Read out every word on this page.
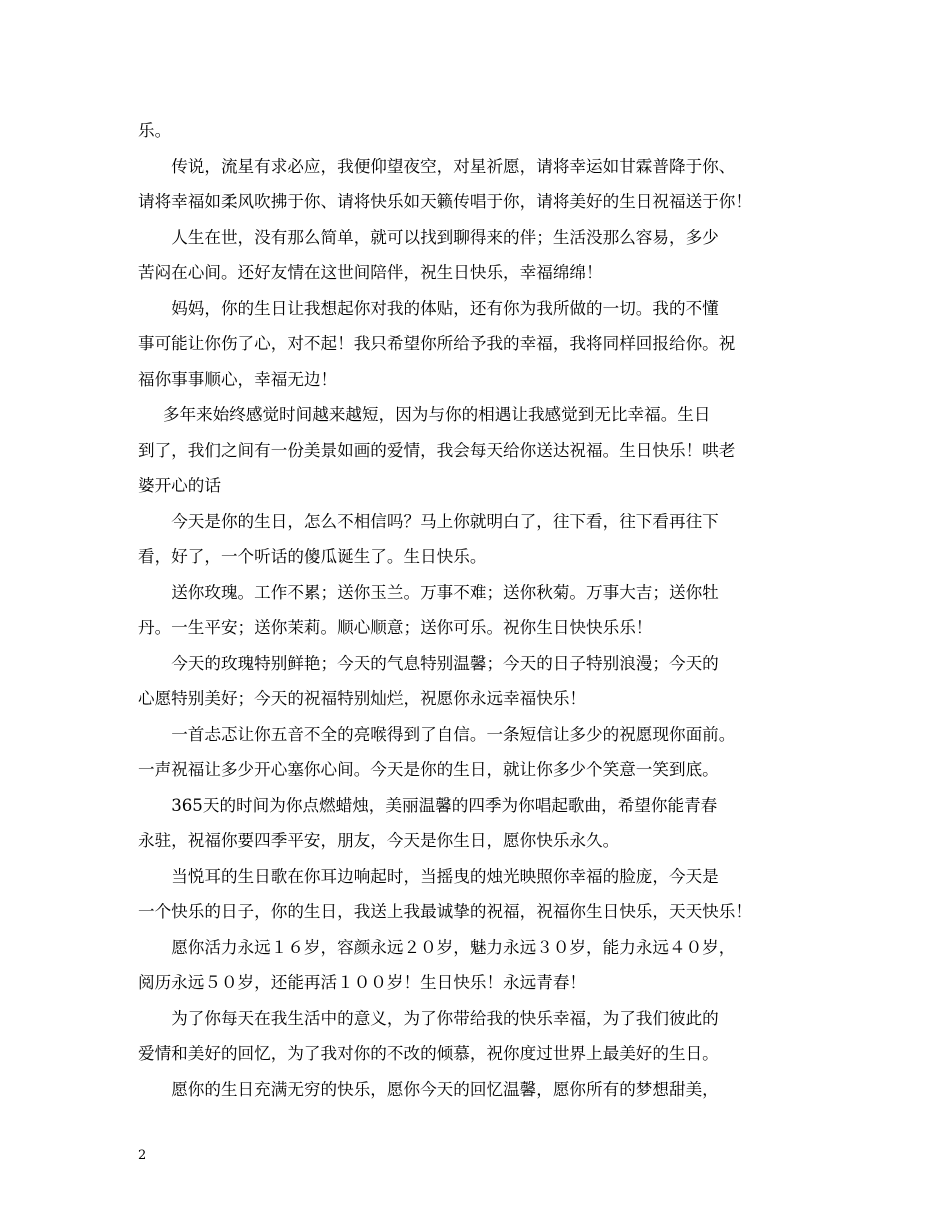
乐。

传说，流星有求必应，我便仰望夜空，对星祈愿，请将幸运如甘霖普降于你、
请将幸福如柔风吹拂于你、请将快乐如天籁传唱于你，请将美好的生日祝福送于你！

人生在世，没有那么简单，就可以找到聊得来的伴；生活没那么容易，多少
苦闷在心间。还好友情在这世间陪伴，祝生日快乐，幸福绵绵！

妈妈，你的生日让我想起你对我的体贴，还有你为我所做的一切。我的不懂
事可能让你伤了心，对不起！我只希望你所给予我的幸福，我将同样回报给你。祝
福你事事顺心，幸福无边！

多年来始终感觉时间越来越短，因为与你的相遇让我感觉到无比幸福。生日
到了，我们之间有一份美景如画的爱情，我会每天给你送达祝福。生日快乐！哄老
婆开心的话

今天是你的生日，怎么不相信吗？马上你就明白了，往下看，往下看再往下
看，好了，一个听话的傻瓜诞生了。生日快乐。

送你玫瑰。工作不累；送你玉兰。万事不难；送你秋菊。万事大吉；送你牡
丹。一生平安；送你茉莉。顺心顺意；送你可乐。祝你生日快快乐乐！

今天的玫瑰特别鲜艳；今天的气息特别温馨；今天的日子特别浪漫；今天的
心愿特别美好；今天的祝福特别灿烂，祝愿你永远幸福快乐！

一首忐忑让你五音不全的亮喉得到了自信。一条短信让多少的祝愿现你面前。
一声祝福让多少开心塞你心间。今天是你的生日，就让你多少个笑意一笑到底。

365天的时间为你点燃蜡烛，美丽温馨的四季为你唱起歌曲，希望你能青春
永驻，祝福你要四季平安，朋友，今天是你生日，愿你快乐永久。

当悦耳的生日歌在你耳边响起时，当摇曳的烛光映照你幸福的脸庞，今天是
一个快乐的日子，你的生日，我送上我最诚挚的祝福，祝福你生日快乐，天天快乐！

愿你活力永远１６岁，容颜永远２０岁，魅力永远３０岁，能力永远４０岁，
阅历永远５０岁，还能再活１００岁！生日快乐！永远青春！

为了你每天在我生活中的意义，为了你带给我的快乐幸福，为了我们彼此的
爱情和美好的回忆，为了我对你的不改的倾慕，祝你度过世界上最美好的生日。

愿你的生日充满无穷的快乐，愿你今天的回忆温馨，愿你所有的梦想甜美，

2
